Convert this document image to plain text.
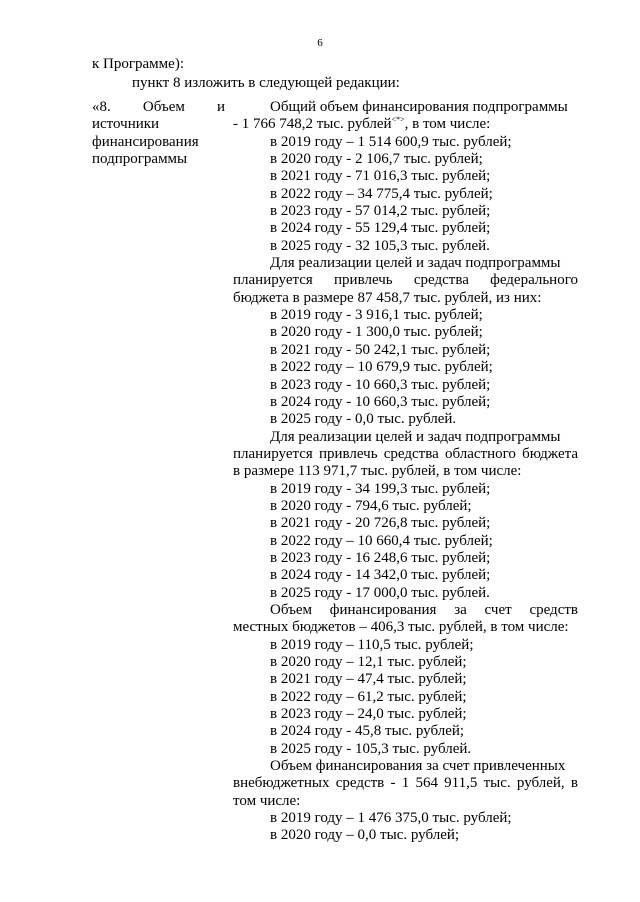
6
к Программе):
пункт 8 изложить в следующей редакции:
«8. Объем и
источники
финансирования
подпрограммы
Общий объем финансирования подпрограммы
- 1 766 748,2 тыс. рублей<*>, в том числе:
в 2019 году – 1 514 600,9 тыс. рублей;
в 2020 году - 2 106,7 тыс. рублей;
в 2021 году - 71 016,3 тыс. рублей;
в 2022 году – 34 775,4 тыс. рублей;
в 2023 году - 57 014,2 тыс. рублей;
в 2024 году - 55 129,4 тыс. рублей;
в 2025 году - 32 105,3 тыс. рублей.
Для реализации целей и задач подпрограммы
планируется привлечь средства федерального
бюджета в размере 87 458,7 тыс. рублей, из них:
в 2019 году - 3 916,1 тыс. рублей;
в 2020 году - 1 300,0 тыс. рублей;
в 2021 году - 50 242,1 тыс. рублей;
в 2022 году – 10 679,9 тыс. рублей;
в 2023 году - 10 660,3 тыс. рублей;
в 2024 году - 10 660,3 тыс. рублей;
в 2025 году - 0,0 тыс. рублей.
Для реализации целей и задач подпрограммы
планируется привлечь средства областного бюджета
в размере 113 971,7 тыс. рублей, в том числе:
в 2019 году - 34 199,3 тыс. рублей;
в 2020 году - 794,6 тыс. рублей;
в 2021 году - 20 726,8 тыс. рублей;
в 2022 году – 10 660,4 тыс. рублей;
в 2023 году - 16 248,6 тыс. рублей;
в 2024 году - 14 342,0 тыс. рублей;
в 2025 году - 17 000,0 тыс. рублей.
Объем финансирования за счет средств
местных бюджетов – 406,3 тыс. рублей, в том числе:
в 2019 году – 110,5 тыс. рублей;
в 2020 году – 12,1 тыс. рублей;
в 2021 году – 47,4 тыс. рублей;
в 2022 году – 61,2 тыс. рублей;
в 2023 году – 24,0 тыс. рублей;
в 2024 году - 45,8 тыс. рублей;
в 2025 году - 105,3 тыс. рублей.
Объем финансирования за счет привлеченных
внебюджетных средств - 1 564 911,5 тыс. рублей, в
том числе:
в 2019 году – 1 476 375,0 тыс. рублей;
в 2020 году – 0,0 тыс. рублей;
